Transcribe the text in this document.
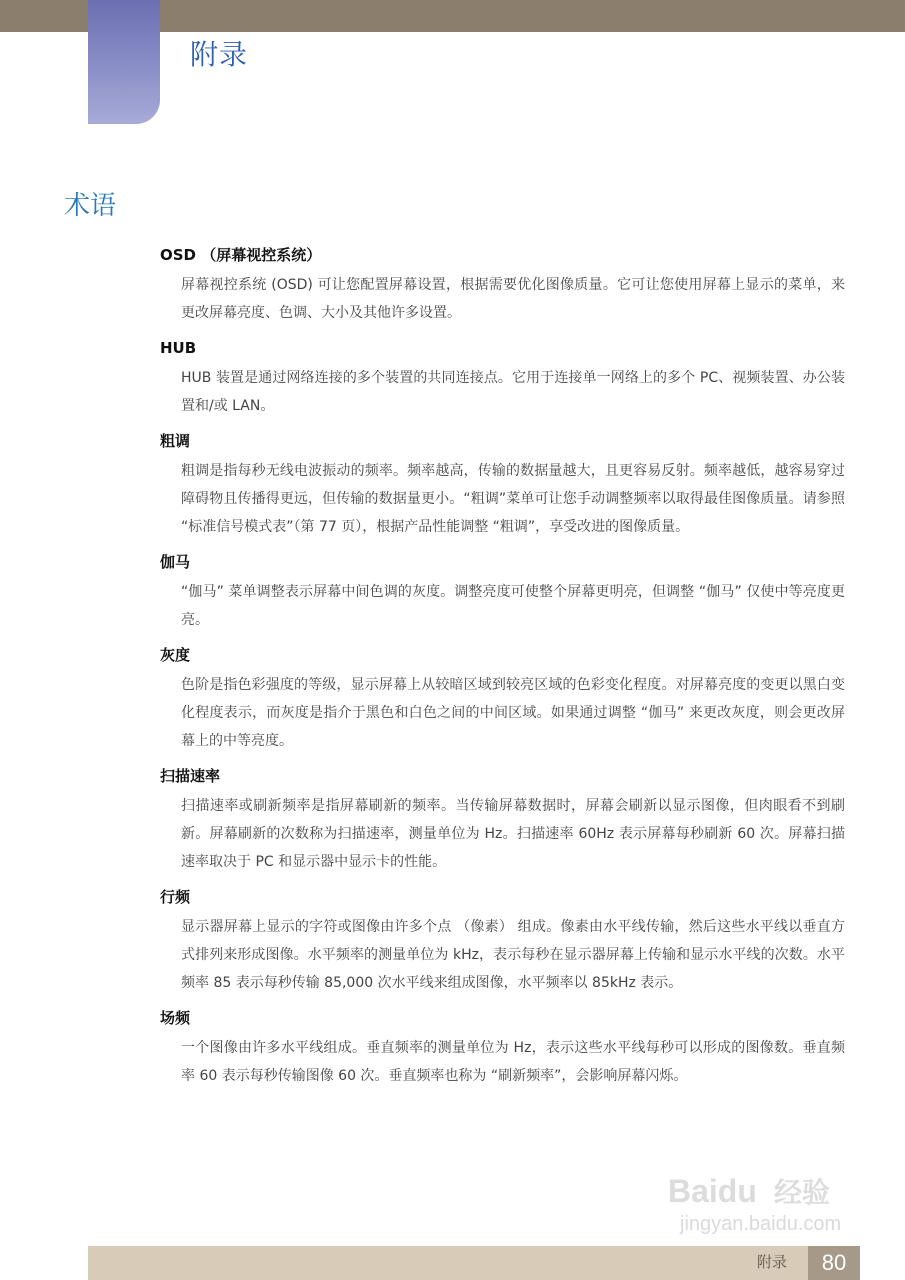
附录
术语
OSD （屏幕视控系统）
屏幕视控系统 (OSD) 可让您配置屏幕设置，根据需要优化图像质量。它可让您使用屏幕上显示的菜单，来更改屏幕亮度、色调、大小及其他许多设置。
HUB
HUB 装置是通过网络连接的多个装置的共同连接点。它用于连接单一网络上的多个 PC、视频装置、办公装置和/或 LAN。
粗调
粗调是指每秒无线电波振动的频率。频率越高，传输的数据量越大，且更容易反射。频率越低，越容易穿过障碍物且传播得更远，但传输的数据量更小。“粗调”菜单可让您手动调整频率以取得最佳图像质量。请参照 “标准信号模式表”（第 77 页），根据产品性能调整 “粗调”，享受改进的图像质量。
伽马
“伽马” 菜单调整表示屏幕中间色调的灰度。调整亮度可使整个屏幕更明亮，但调整 “伽马” 仅使中等亮度更亮。
灰度
色阶是指色彩强度的等级，显示屏幕上从较暗区域到较亮区域的色彩变化程度。对屏幕亮度的变更以黑白变化程度表示，而灰度是指介于黑色和白色之间的中间区域。如果通过调整 “伽马” 来更改灰度，则会更改屏幕上的中等亮度。
扫描速率
扫描速率或刷新频率是指屏幕刷新的频率。当传输屏幕数据时，屏幕会刷新以显示图像，但肉眼看不到刷新。屏幕刷新的次数称为扫描速率，测量单位为 Hz。扫描速率 60Hz 表示屏幕每秒刷新 60 次。屏幕扫描速率取决于 PC 和显示器中显示卡的性能。
行频
显示器屏幕上显示的字符或图像由许多个点 （像素） 组成。像素由水平线传输，然后这些水平线以垂直方式排列来形成图像。水平频率的测量单位为 kHz，表示每秒在显示器屏幕上传输和显示水平线的次数。水平频率 85 表示每秒传输 85,000 次水平线来组成图像，水平频率以 85kHz 表示。
场频
一个图像由许多水平线组成。垂直频率的测量单位为 Hz，表示这些水平线每秒可以形成的图像数。垂直频率 60 表示每秒传输图像 60 次。垂直频率也称为 “刷新频率”，会影响屏幕闪烁。
Baidu 经验
jingyan.baidu.com
附录	80
